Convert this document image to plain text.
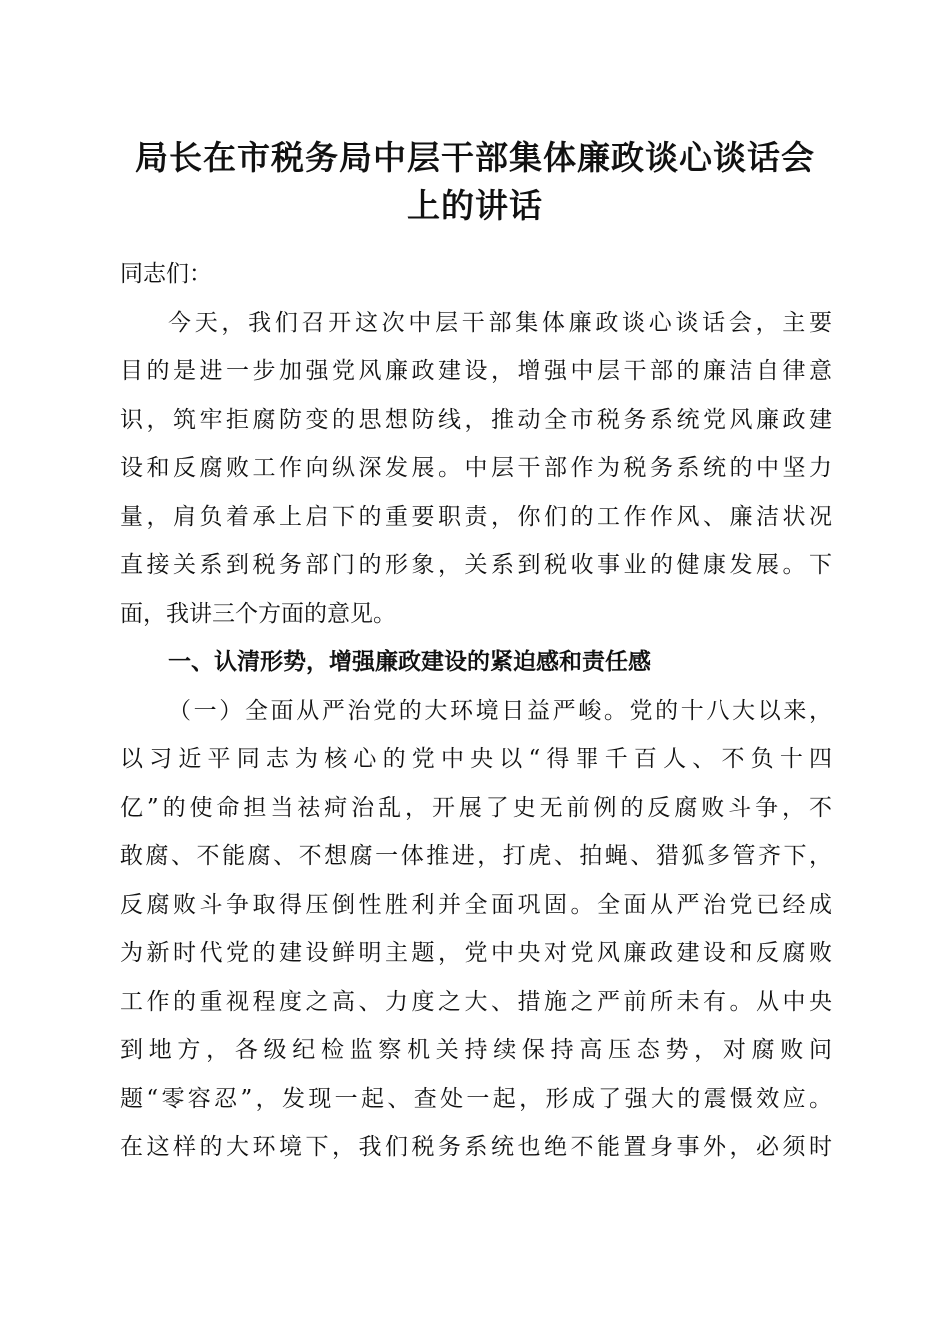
局长在市税务局中层干部集体廉政谈心谈话会
上的讲话
同志们：
今天，我们召开这次中层干部集体廉政谈心谈话会，主要
目的是进一步加强党风廉政建设，增强中层干部的廉洁自律意
识，筑牢拒腐防变的思想防线，推动全市税务系统党风廉政建
设和反腐败工作向纵深发展。中层干部作为税务系统的中坚力
量，肩负着承上启下的重要职责，你们的工作作风、廉洁状况
直接关系到税务部门的形象，关系到税收事业的健康发展。下
面，我讲三个方面的意见。
一、认清形势，增强廉政建设的紧迫感和责任感
（一）全面从严治党的大环境日益严峻。党的十八大以来，
以习近平同志为核心的党中央以“得罪千百人、不负十四
亿”的使命担当祛疴治乱，开展了史无前例的反腐败斗争，不
敢腐、不能腐、不想腐一体推进，打虎、拍蝇、猎狐多管齐下，
反腐败斗争取得压倒性胜利并全面巩固。全面从严治党已经成
为新时代党的建设鲜明主题，党中央对党风廉政建设和反腐败
工作的重视程度之高、力度之大、措施之严前所未有。从中央
到地方，各级纪检监察机关持续保持高压态势，对腐败问
题“零容忍”，发现一起、查处一起，形成了强大的震慑效应。
在这样的大环境下，我们税务系统也绝不能置身事外，必须时
